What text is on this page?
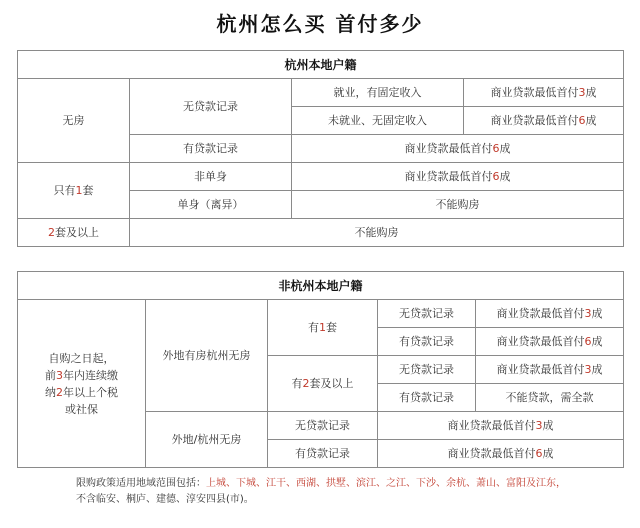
杭州怎么买 首付多少
杭州本地户籍			
无房	无贷款记录	就业，有固定收入	商业贷款最低首付3成
		未就业、无固定收入	商业贷款最低首付6成
	有贷款记录	商业贷款最低首付6成	
只有1套	非单身	商业贷款最低首付6成	
	单身（离异）	不能购房	
2套及以上	不能购房		
非杭州本地户籍				

自购之日起，
前3年内连续缴
纳2年以上个税
或社保	外地有房杭州无房	有1套	无贷款记录	商业贷款最低首付3成
			有贷款记录	商业贷款最低首付6成
		有2套及以上	无贷款记录	商业贷款最低首付3成
			有贷款记录	不能贷款，需全款
	外地/杭州无房	无贷款记录	商业贷款最低首付3成	
		有贷款记录	商业贷款最低首付6成	
限购政策适用地域范围包括：上城、下城、江干、西湖、拱墅、滨江、之江、下沙、余杭、萧山、富阳及江东，
不含临安、桐庐、建德、淳安四县(市)。
